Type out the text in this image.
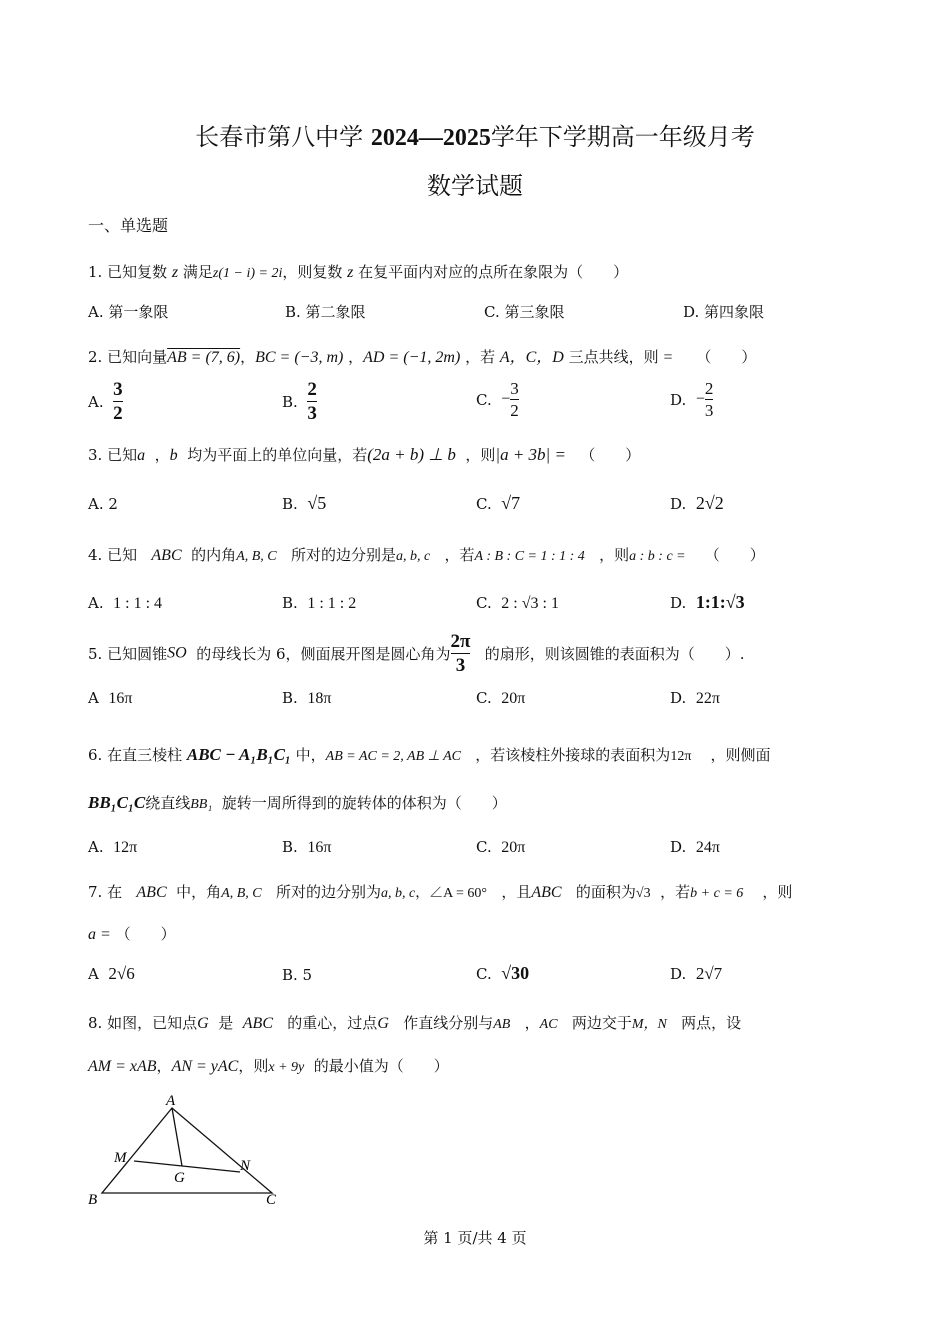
长春市第八中学 2024—2025学年下学期高一年级月考
数学试题
一、单选题
1. 已知复数 z 满足z(1 − i) = 2i，则复数 z 在复平面内对应的点所在象限为（　　）
A. 第一象限	B. 第二象限	C. 第三象限	D. 第四象限
2. 已知向量AB = (7, 6)，BC = (−3, m) ，AD = (−1, 2m) ，若 A，C，D 三点共线，则 = （　　）
A. $\frac{3}{2}$	B. $\frac{2}{3}$	C. − $\frac{3}{2}$	D. − $\frac{2}{3}$
3. 已知a ，b 均为平面上的单位向量，若(2a + b) ⊥ b ，则|a + 3b| = （　　）
A. 2	B. √5	C. √7	D. 2√2
4. 已知 ABC 的内角A, B, C 所对的边分别是a, b, c ，若A : B : C = 1 : 1 : 4 ，则a : b : c = （　　）
A. 1 : 1 : 4	B. 1 : 1 : 2	C. 2 : √3 : 1	D. 1:1:√3
5. 已知圆锥SO 的母线长为 6，侧面展开图是圆心角为 $\frac{2\pi}{3}$ 的扇形，则该圆锥的表面积为（　　）.
A 16π	B. 18π	C. 20π	D. 22π
6. 在直三棱柱 ABC − A₁B₁C₁ 中，AB = AC = 2, AB ⊥ AC ，若该棱柱外接球的表面积为12π ，则侧面
BB₁C₁C绕直线BB₁ 旋转一周所得到的旋转体的体积为（　　）
A. 12π	B. 16π	C. 20π	D. 24π
7. 在 ABC 中，角A, B, C 所对的边分别为a, b, c，∠A = 60° ，且ABC 的面积为√3 ，若b + c = 6 ，则
a = （　　）
A 2√6	B. 5	C. √30	D. 2√7
8. 如图，已知点G 是 ABC 的重心，过点G 作直线分别与AB ，AC 两边交于M，N 两点，设
AM = xAB，AN = yAC，则x + 9y 的最小值为（　　）
A
M
G
N
B	C
第 1 页/共 4 页
